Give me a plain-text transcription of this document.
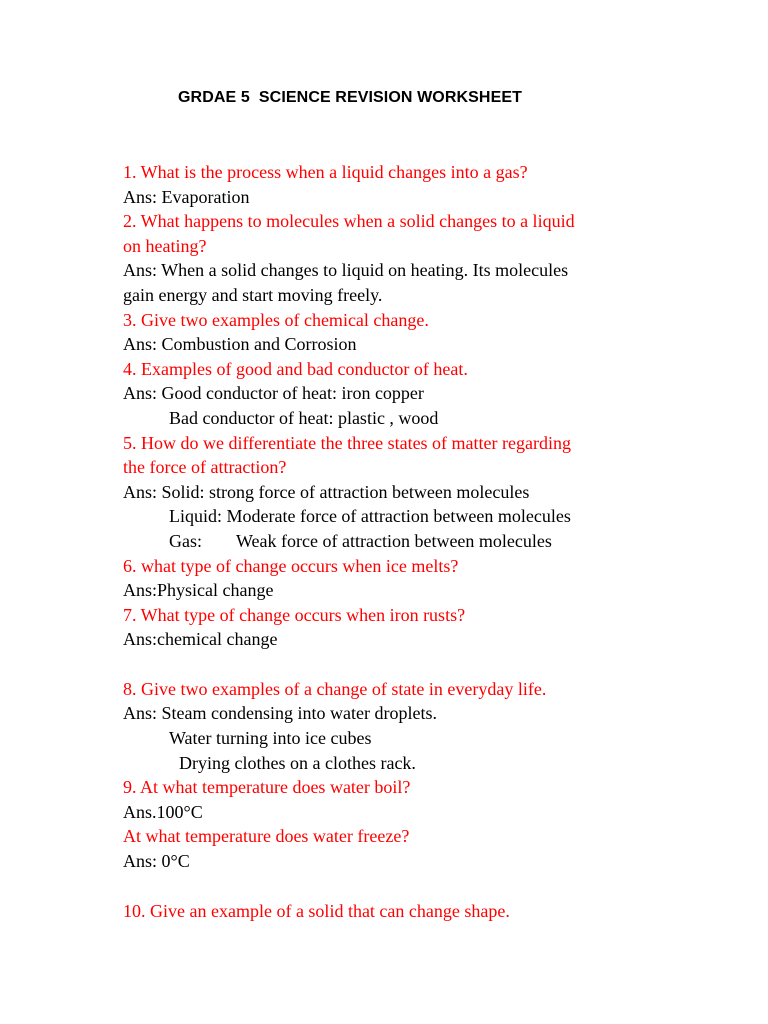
GRDAE 5  SCIENCE REVISION WORKSHEET
1. What is the process when a liquid changes into a gas?
Ans: Evaporation
2. What happens to molecules when a solid changes to a liquid
on heating?
Ans: When a solid changes to liquid on heating. Its molecules
gain energy and start moving freely.
3. Give two examples of chemical change.
Ans: Combustion and Corrosion
4. Examples of good and bad conductor of heat.
Ans: Good conductor of heat: iron copper
Bad conductor of heat: plastic , wood
5. How do we differentiate the three states of matter regarding
the force of attraction?
Ans: Solid: strong force of attraction between molecules
Liquid: Moderate force of attraction between molecules
Gas: Weak force of attraction between molecules
6. what type of change occurs when ice melts?
Ans:Physical change
7. What type of change occurs when iron rusts?
Ans:chemical change
8. Give two examples of a change of state in everyday life.
Ans: Steam condensing into water droplets.
Water turning into ice cubes
Drying clothes on a clothes rack.
9. At what temperature does water boil?
Ans.100°C
At what temperature does water freeze?
Ans: 0°C
10. Give an example of a solid that can change shape.
